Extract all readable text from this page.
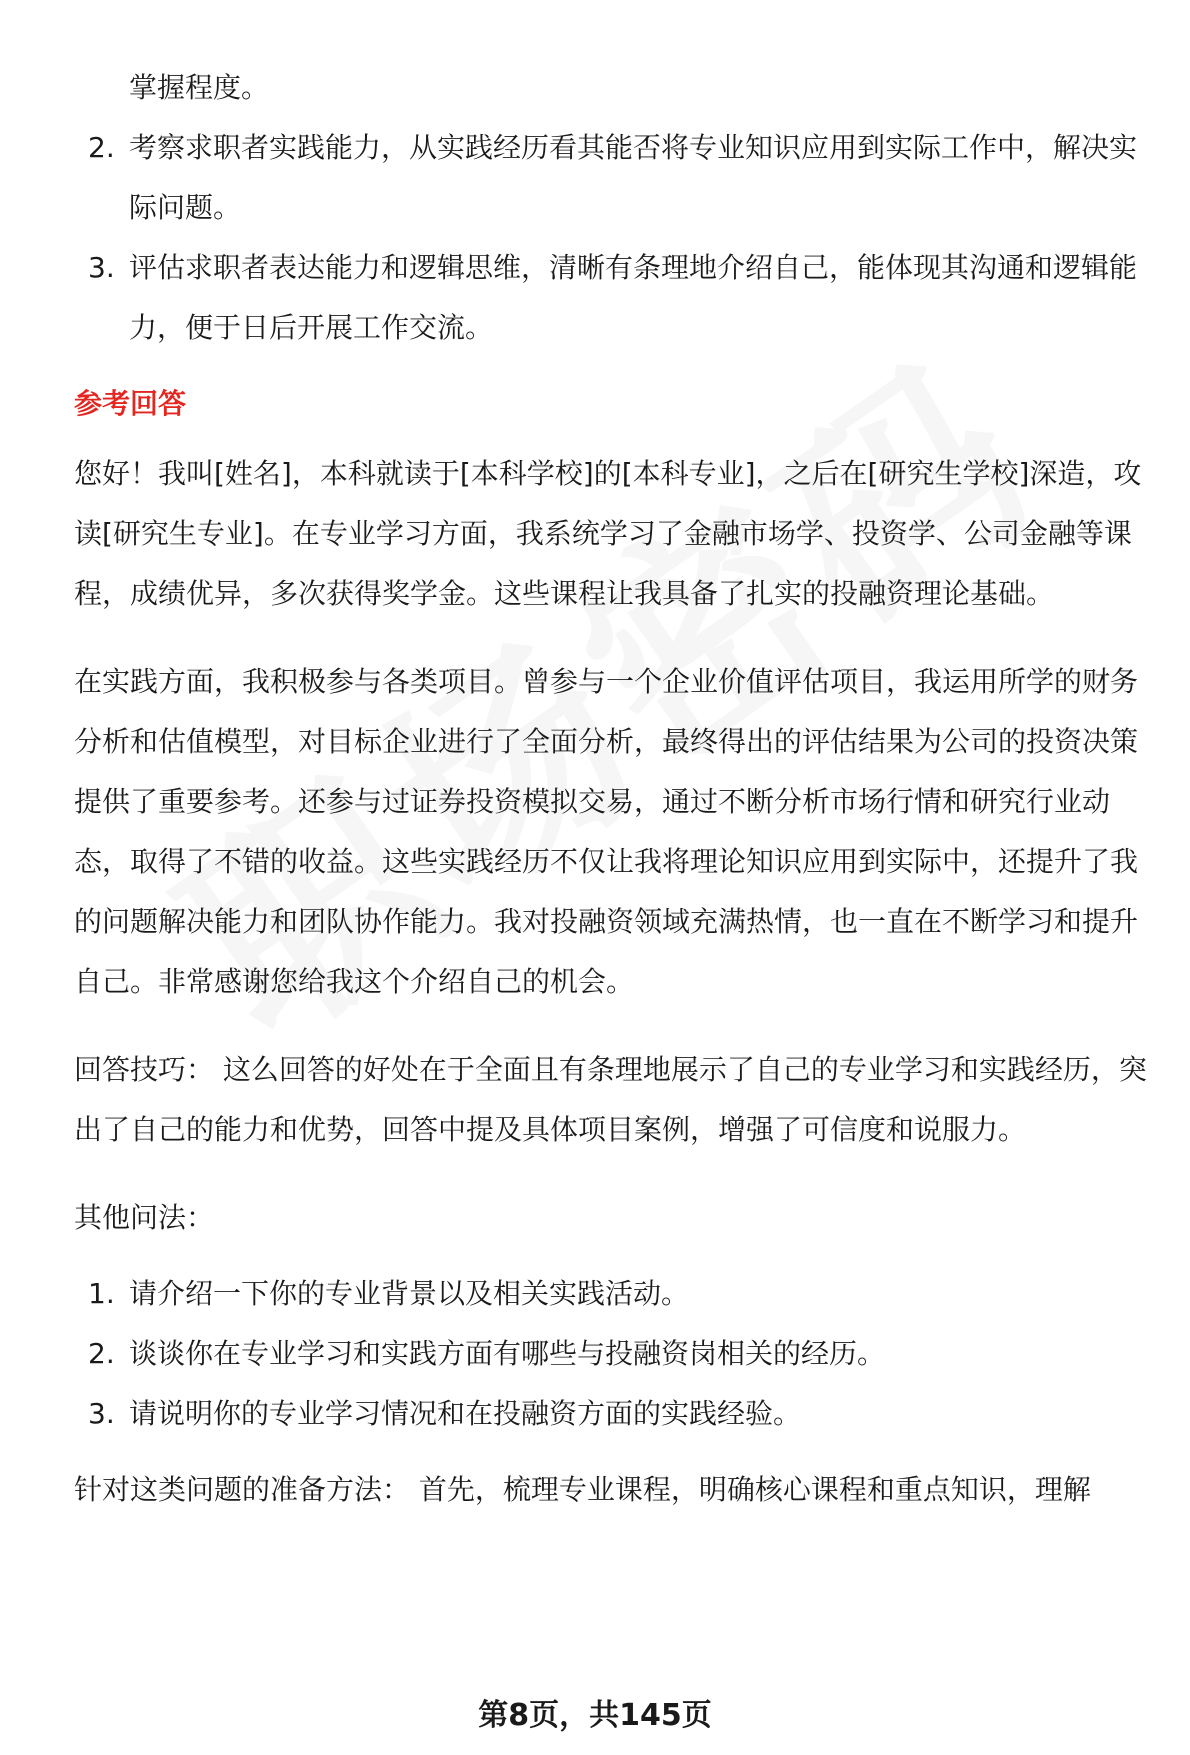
掌握程度。

2. 考察求职者实践能力，从实践经历看其能否将专业知识应用到实际工作中，解决实际问题。
3. 评估求职者表达能力和逻辑思维，清晰有条理地介绍自己，能体现其沟通和逻辑能力，便于日后开展工作交流。
参考回答

您好！我叫[姓名]，本科就读于[本科学校]的[本科专业]，之后在[研究生学校]深造，攻读[研究生专业]。在专业学习方面，我系统学习了金融市场学、投资学、公司金融等课程，成绩优异，多次获得奖学金。这些课程让我具备了扎实的投融资理论基础。

在实践方面，我积极参与各类项目。曾参与一个企业价值评估项目，我运用所学的财务分析和估值模型，对目标企业进行了全面分析，最终得出的评估结果为公司的投资决策提供了重要参考。还参与过证券投资模拟交易，通过不断分析市场行情和研究行业动态，取得了不错的收益。这些实践经历不仅让我将理论知识应用到实际中，还提升了我的问题解决能力和团队协作能力。我对投融资领域充满热情，也一直在不断学习和提升自己。非常感谢您给我这个介绍自己的机会。

回答技巧： 这么回答的好处在于全面且有条理地展示了自己的专业学习和实践经历，突出了自己的能力和优势，回答中提及具体项目案例，增强了可信度和说服力。

其他问法：

1. 请介绍一下你的专业背景以及相关实践活动。
2. 谈谈你在专业学习和实践方面有哪些与投融资岗相关的经历。
3. 请说明你的专业学习情况和在投融资方面的实践经验。

针对这类问题的准备方法： 首先，梳理专业课程，明确核心课程和重点知识，理解

第8页，共145页
